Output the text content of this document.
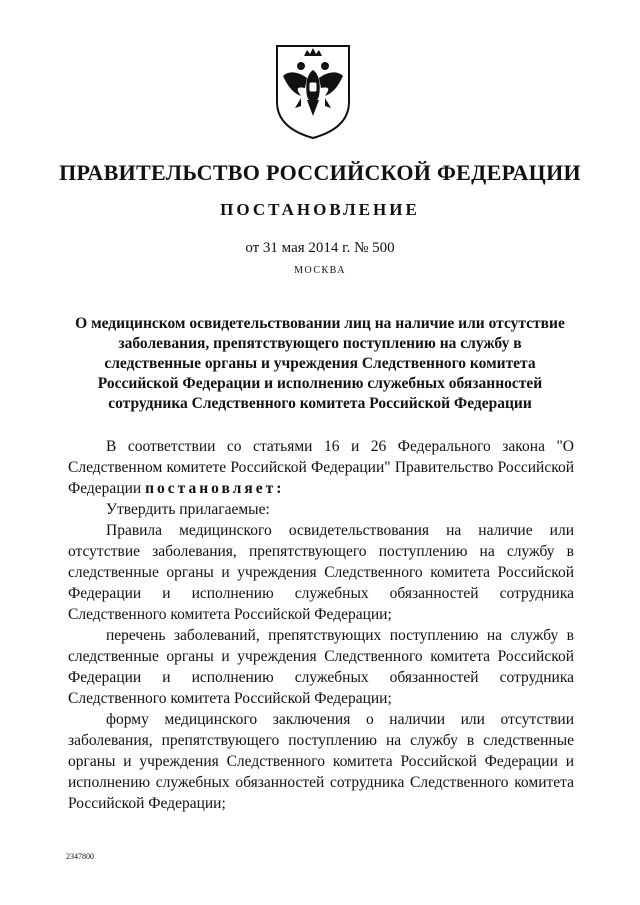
ПРАВИТЕЛЬСТВО РОССИЙСКОЙ ФЕДЕРАЦИИ
ПОСТАНОВЛЕНИЕ

от 31 мая 2014 г. № 500

МОСКВА

О медицинском освидетельствовании лиц на наличие или отсутствие заболевания, препятствующего поступлению на службу в следственные органы и учреждения Следственного комитета Российской Федерации и исполнению служебных обязанностей сотрудника Следственного комитета Российской Федерации

В соответствии со статьями 16 и 26 Федерального закона "О Следственном комитете Российской Федерации" Правительство Российской Федерации постановляет:

Утвердить прилагаемые:

Правила медицинского освидетельствования на наличие или отсутствие заболевания, препятствующего поступлению на службу в следственные органы и учреждения Следственного комитета Российской Федерации и исполнению служебных обязанностей сотрудника Следственного комитета Российской Федерации;

перечень заболеваний, препятствующих поступлению на службу в следственные органы и учреждения Следственного комитета Российской Федерации и исполнению служебных обязанностей сотрудника Следственного комитета Российской Федерации;

форму медицинского заключения о наличии или отсутствии заболевания, препятствующего поступлению на службу в следственные органы и учреждения Следственного комитета Российской Федерации и исполнению служебных обязанностей сотрудника Следственного комитета Российской Федерации;

2347800
